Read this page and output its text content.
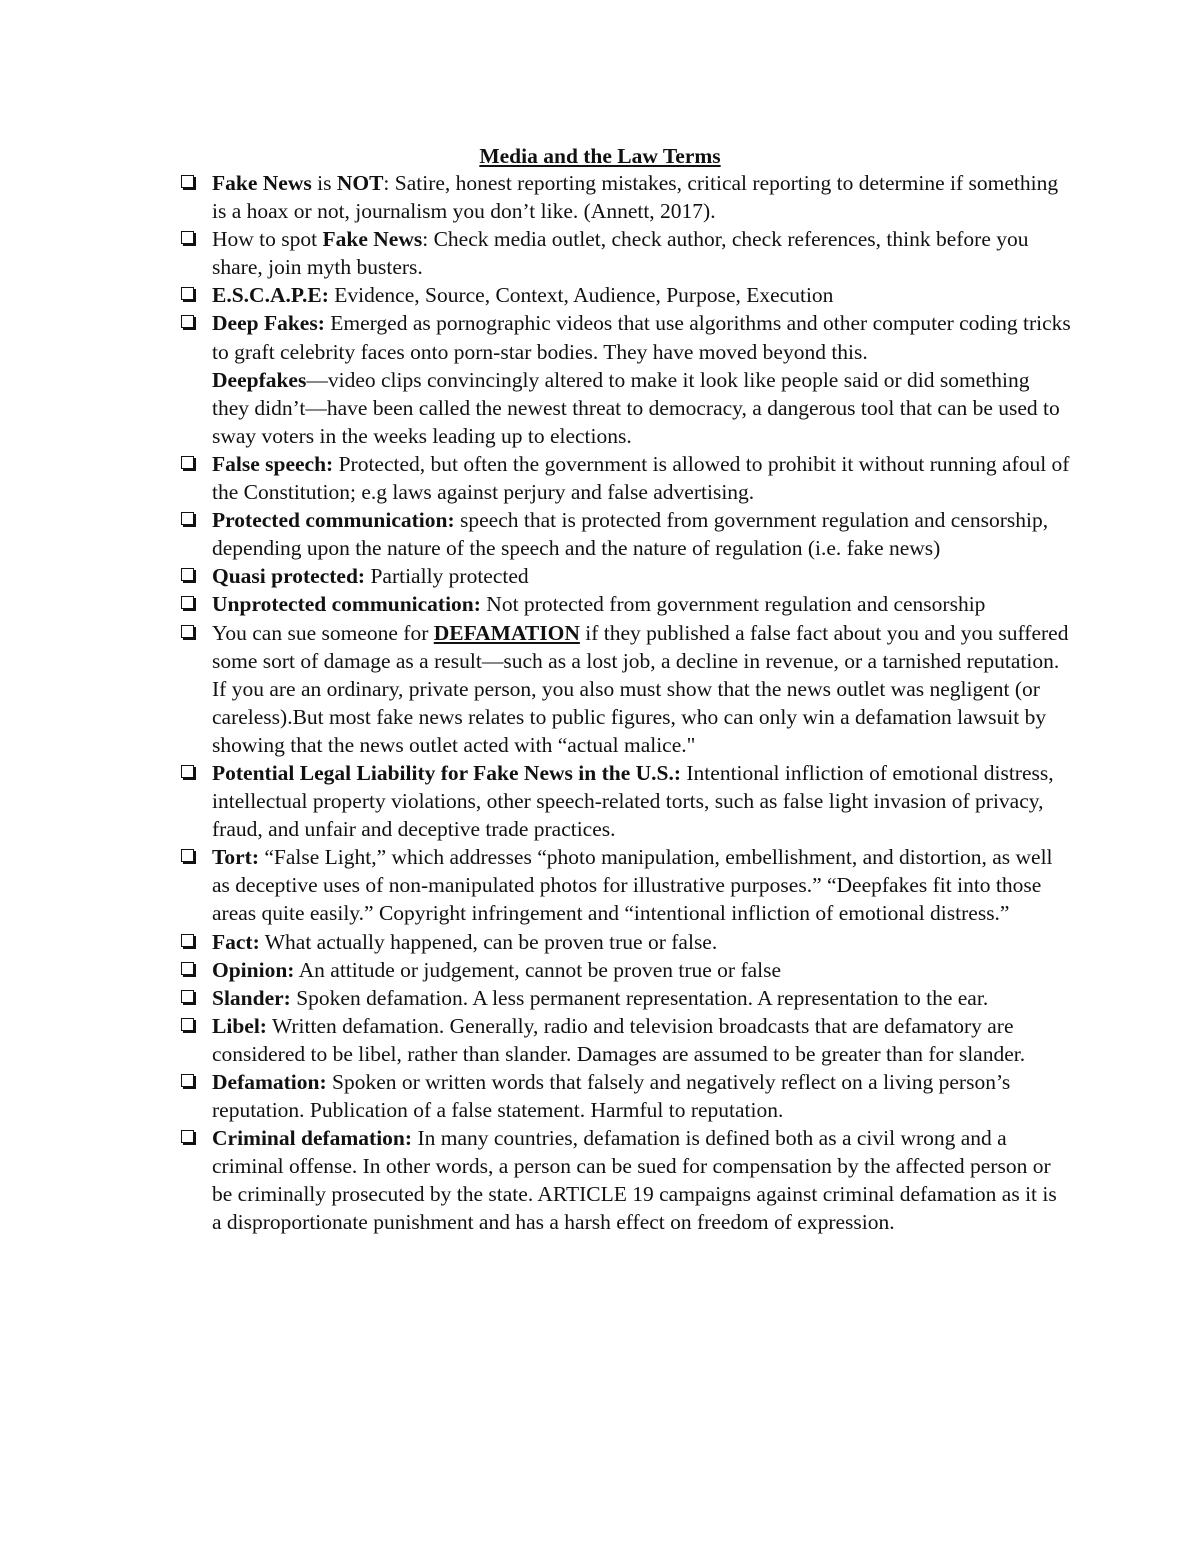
Media and the Law Terms
Fake News is NOT: Satire, honest reporting mistakes, critical reporting to determine if something is a hoax or not, journalism you don’t like. (Annett, 2017).
How to spot Fake News: Check media outlet, check author, check references, think before you share, join myth busters.
E.S.C.A.P.E: Evidence, Source, Context, Audience, Purpose, Execution
Deep Fakes: Emerged as pornographic videos that use algorithms and other computer coding tricks to graft celebrity faces onto porn-star bodies. They have moved beyond this.
Deepfakes—video clips convincingly altered to make it look like people said or did something they didn’t—have been called the newest threat to democracy, a dangerous tool that can be used to sway voters in the weeks leading up to elections.
False speech: Protected, but often the government is allowed to prohibit it without running afoul of the Constitution; e.g laws against perjury and false advertising.
Protected communication: speech that is protected from government regulation and censorship, depending upon the nature of the speech and the nature of regulation (i.e. fake news)
Quasi protected: Partially protected
Unprotected communication: Not protected from government regulation and censorship
You can sue someone for DEFAMATION if they published a false fact about you and you suffered some sort of damage as a result—such as a lost job, a decline in revenue, or a tarnished reputation. If you are an ordinary, private person, you also must show that the news outlet was negligent (or careless).But most fake news relates to public figures, who can only win a defamation lawsuit by showing that the news outlet acted with “actual malice."
Potential Legal Liability for Fake News in the U.S.: Intentional infliction of emotional distress, intellectual property violations, other speech-related torts, such as false light invasion of privacy, fraud, and unfair and deceptive trade practices.
Tort: “False Light,” which addresses “photo manipulation, embellishment, and distortion, as well as deceptive uses of non-manipulated photos for illustrative purposes.” “Deepfakes fit into those areas quite easily.” Copyright infringement and “intentional infliction of emotional distress.”
Fact: What actually happened, can be proven true or false.
Opinion: An attitude or judgement, cannot be proven true or false
Slander: Spoken defamation. A less permanent representation. A representation to the ear.
Libel: Written defamation. Generally, radio and television broadcasts that are defamatory are considered to be libel, rather than slander. Damages are assumed to be greater than for slander.
Defamation: Spoken or written words that falsely and negatively reflect on a living person’s reputation. Publication of a false statement. Harmful to reputation.
Criminal defamation: In many countries, defamation is defined both as a civil wrong and a criminal offense. In other words, a person can be sued for compensation by the affected person or be criminally prosecuted by the state. ARTICLE 19 campaigns against criminal defamation as it is a disproportionate punishment and has a harsh effect on freedom of expression.
